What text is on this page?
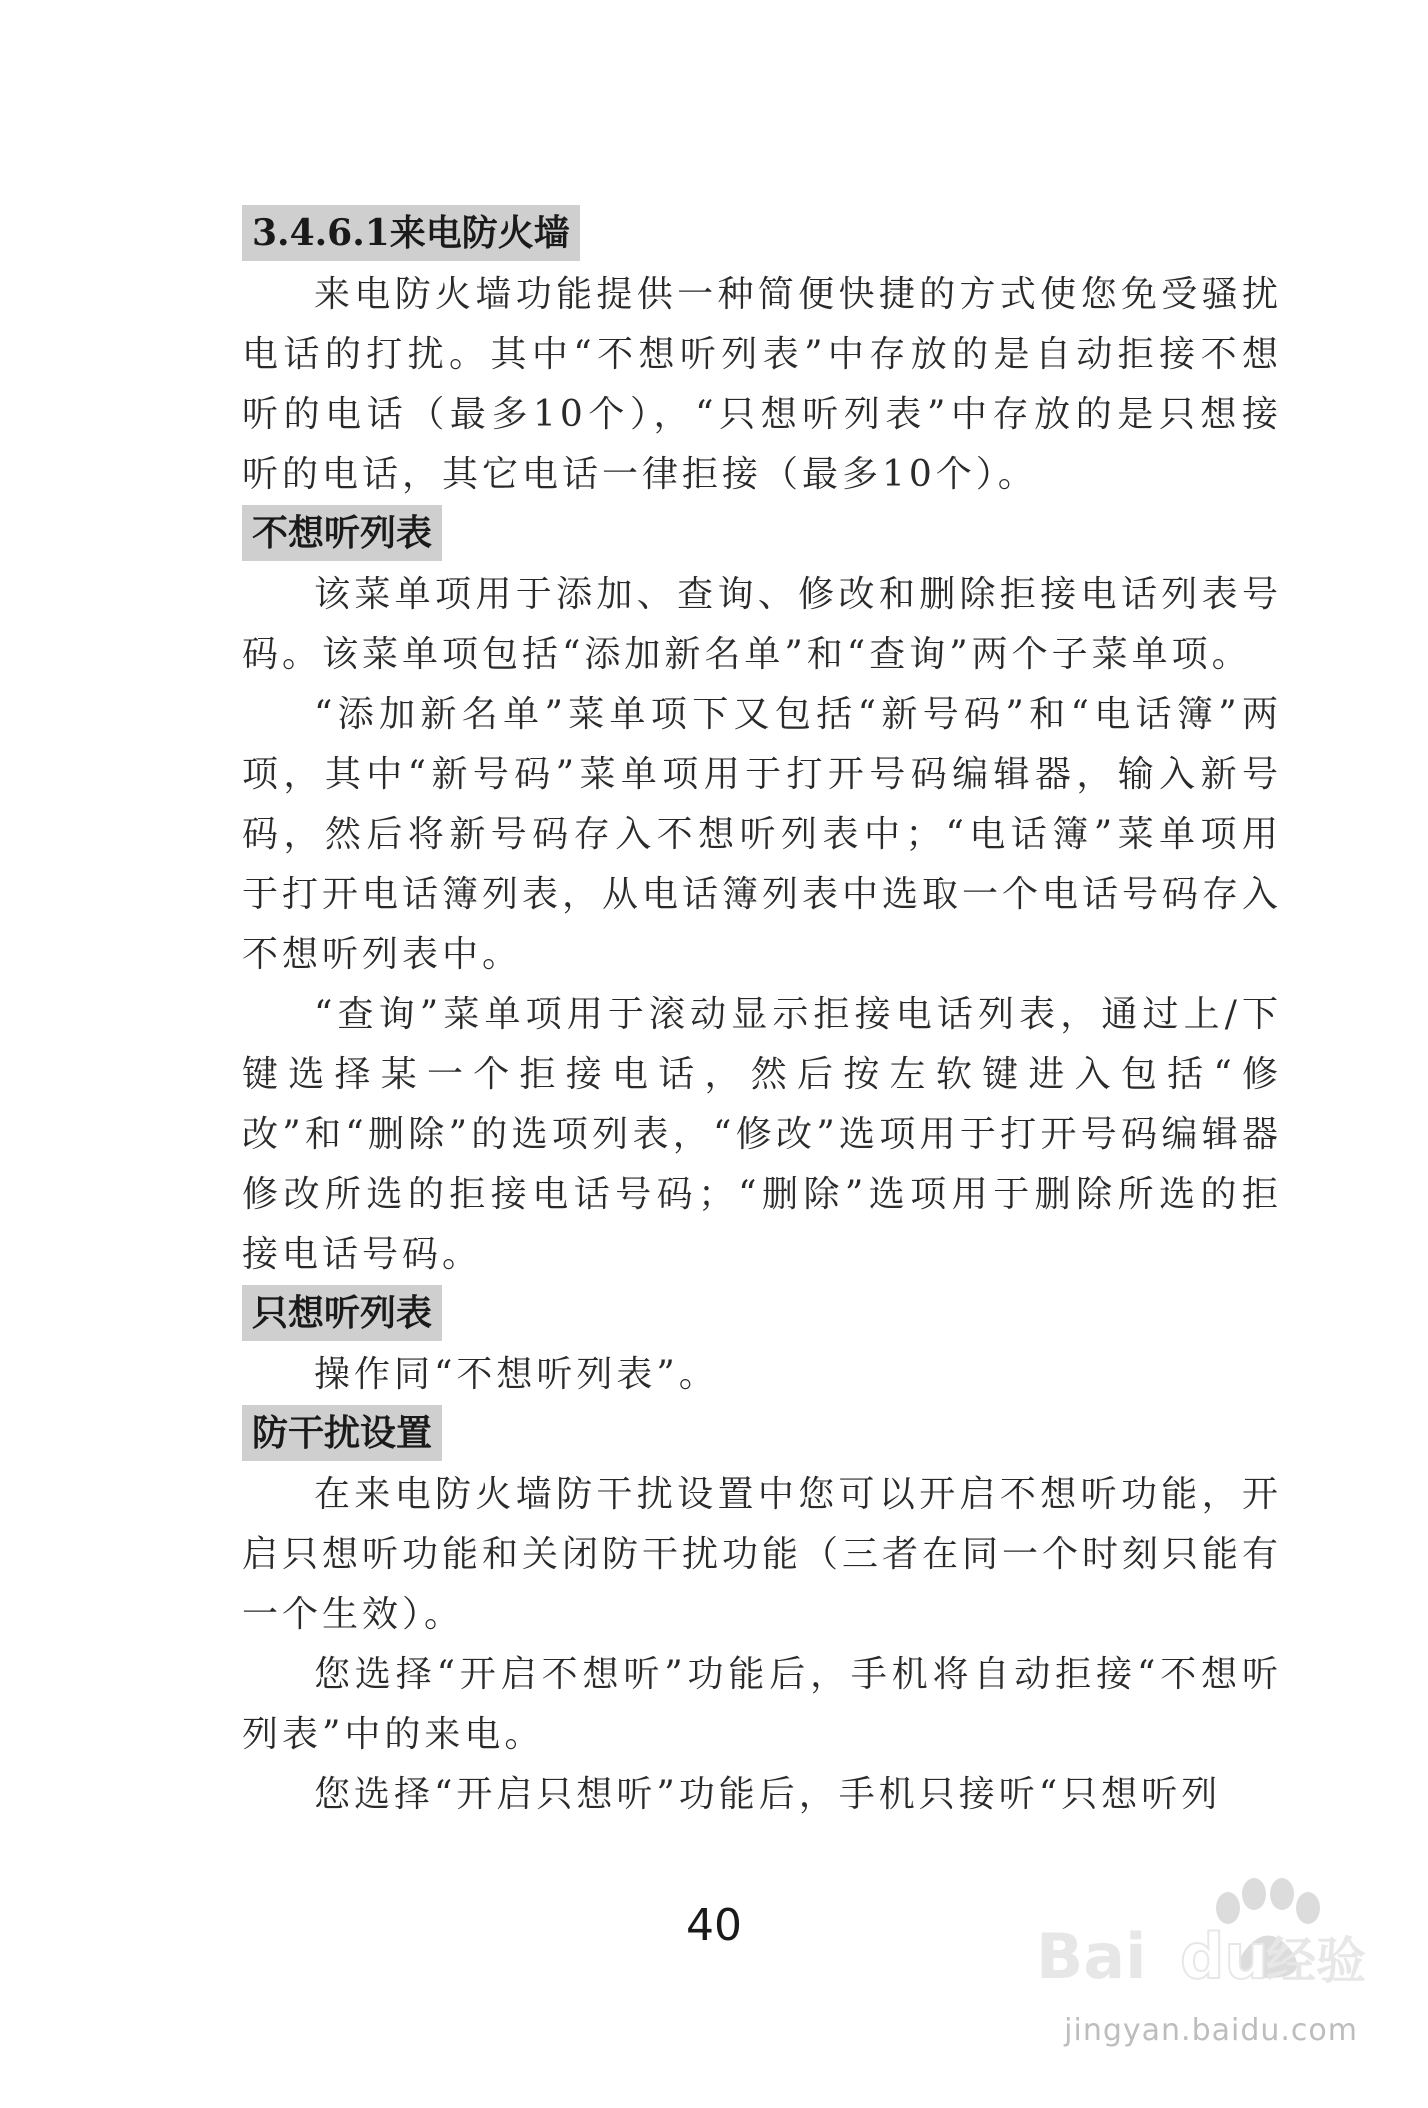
3.4.6.1来电防火墙

来电防火墙功能提供一种简便快捷的方式使您免受骚扰电话的打扰。其中“不想听列表”中存放的是自动拒接不想听的电话（最多10个），“只想听列表”中存放的是只想接听的电话，其它电话一律拒接（最多10个）。

不想听列表

该菜单项用于添加、查询、修改和删除拒接电话列表号码。该菜单项包括“添加新名单”和“查询”两个子菜单项。

“添加新名单”菜单项下又包括“新号码”和“电话簿”两项，其中“新号码”菜单项用于打开号码编辑器，输入新号码，然后将新号码存入不想听列表中；“电话簿”菜单项用于打开电话簿列表，从电话簿列表中选取一个电话号码存入不想听列表中。

“查询”菜单项用于滚动显示拒接电话列表，通过上/下键选择某一个拒接电话，然后按左软键进入包括“修改”和“删除”的选项列表，“修改”选项用于打开号码编辑器修改所选的拒接电话号码；“删除”选项用于删除所选的拒接电话号码。

只想听列表

操作同“不想听列表”。

防干扰设置

在来电防火墙防干扰设置中您可以开启不想听功能，开启只想听功能和关闭防干扰功能（三者在同一个时刻只能有一个生效）。

您选择“开启不想听”功能后，手机将自动拒接“不想听列表”中的来电。

您选择“开启只想听”功能后，手机只接听“只想听列

40	Bai du
经验
jingyan.baidu.com
